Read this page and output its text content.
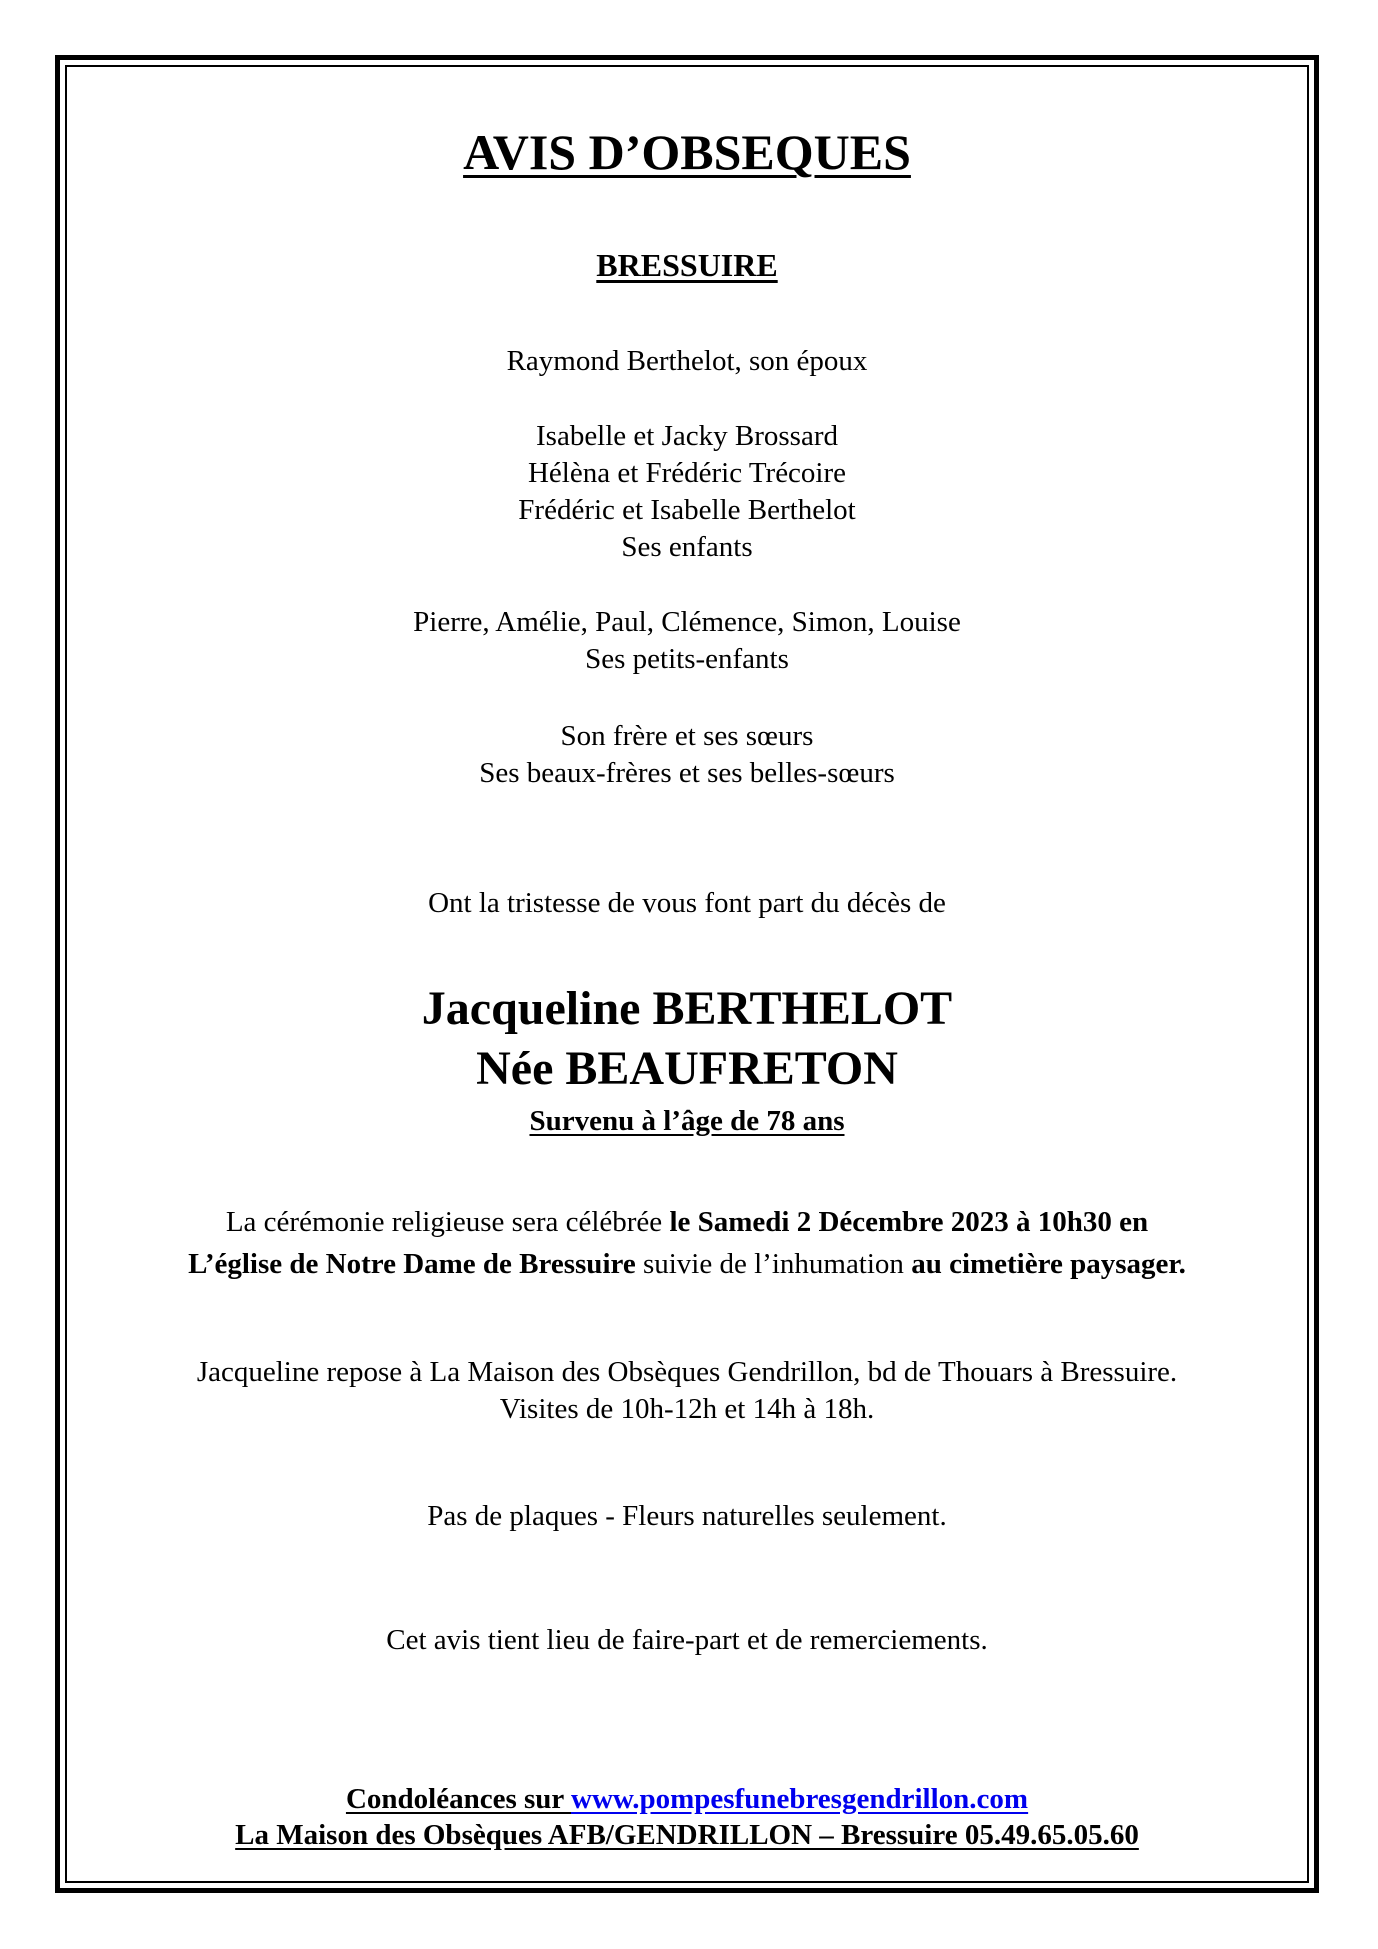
AVIS D’OBSEQUES
BRESSUIRE
Raymond Berthelot, son époux
Isabelle et Jacky Brossard
Hélèna et Frédéric Trécoire
Frédéric et Isabelle Berthelot
Ses enfants
Pierre, Amélie, Paul, Clémence, Simon, Louise
Ses petits-enfants
Son frère et ses sœurs
Ses beaux-frères et ses belles-sœurs
Ont la tristesse de vous font part du décès de
Jacqueline BERTHELOT
Née BEAUFRETON
Survenu à l’âge de 78 ans
La cérémonie religieuse sera célébrée le Samedi 2 Décembre 2023 à 10h30 en
L’église de Notre Dame de Bressuire suivie de l’inhumation au cimetière paysager.
Jacqueline repose à La Maison des Obsèques Gendrillon, bd de Thouars à Bressuire.
Visites de 10h-12h et 14h à 18h.
Pas de plaques - Fleurs naturelles seulement.
Cet avis tient lieu de faire-part et de remerciements.
Condoléances sur www.pompesfunebresgendrillon.com
La Maison des Obsèques AFB/GENDRILLON – Bressuire 05.49.65.05.60
